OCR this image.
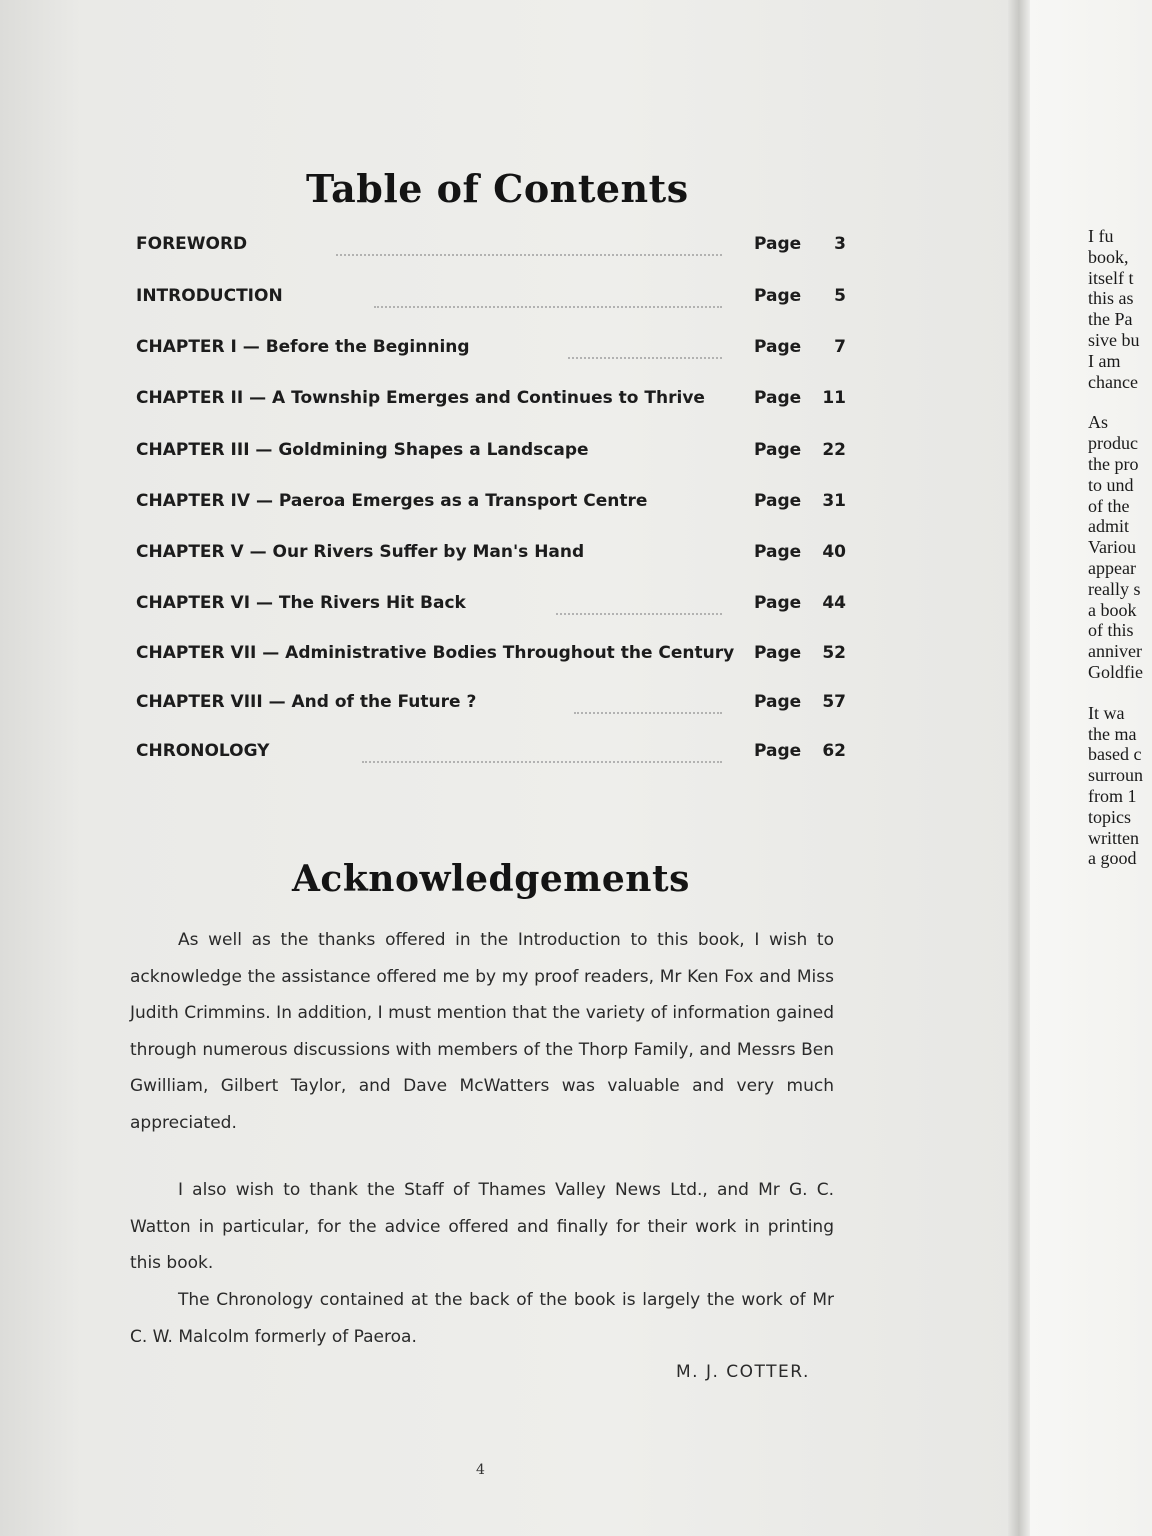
Table of Contents
FOREWORD	Page 3
INTRODUCTION	Page 5
CHAPTER I — Before the Beginning	Page 7
CHAPTER II — A Township Emerges and Continues to Thrive	Page 11
CHAPTER III — Goldmining Shapes a Landscape	Page 22
CHAPTER IV — Paeroa Emerges as a Transport Centre	Page 31
CHAPTER V — Our Rivers Suffer by Man's Hand	Page 40
CHAPTER VI — The Rivers Hit Back	Page 44
CHAPTER VII — Administrative Bodies Throughout the Century Page 52
CHAPTER VIII — And of the Future ?	Page 57
CHRONOLOGY	Page 62
Acknowledgements

As well as the thanks offered in the Introduction to this book, I wish to acknowledge the assistance offered me by my proof readers, Mr Ken Fox and Miss Judith Crimmins. In addition, I must mention that the variety of information gained through numerous discussions with members of the Thorp Family, and Messrs Ben Gwilliam, Gilbert Taylor, and Dave McWatters was valuable and very much appreciated.

I also wish to thank the Staff of Thames Valley News Ltd., and Mr G. C. Watton in particular, for the advice offered and finally for their work in printing this book.

The Chronology contained at the back of the book is largely the work of Mr C. W. Malcolm formerly of Paeroa.

M. J. COTTER.

4

I fu
book,
itself t
this as
the Pa
sive bu
I am
chance
As
produc
the pro
to und
of the
admit
Variou
appear
really s
a book
of this
anniver
Goldfie
It wa
the ma
based c
surroun
from 1
topics
written
a good
